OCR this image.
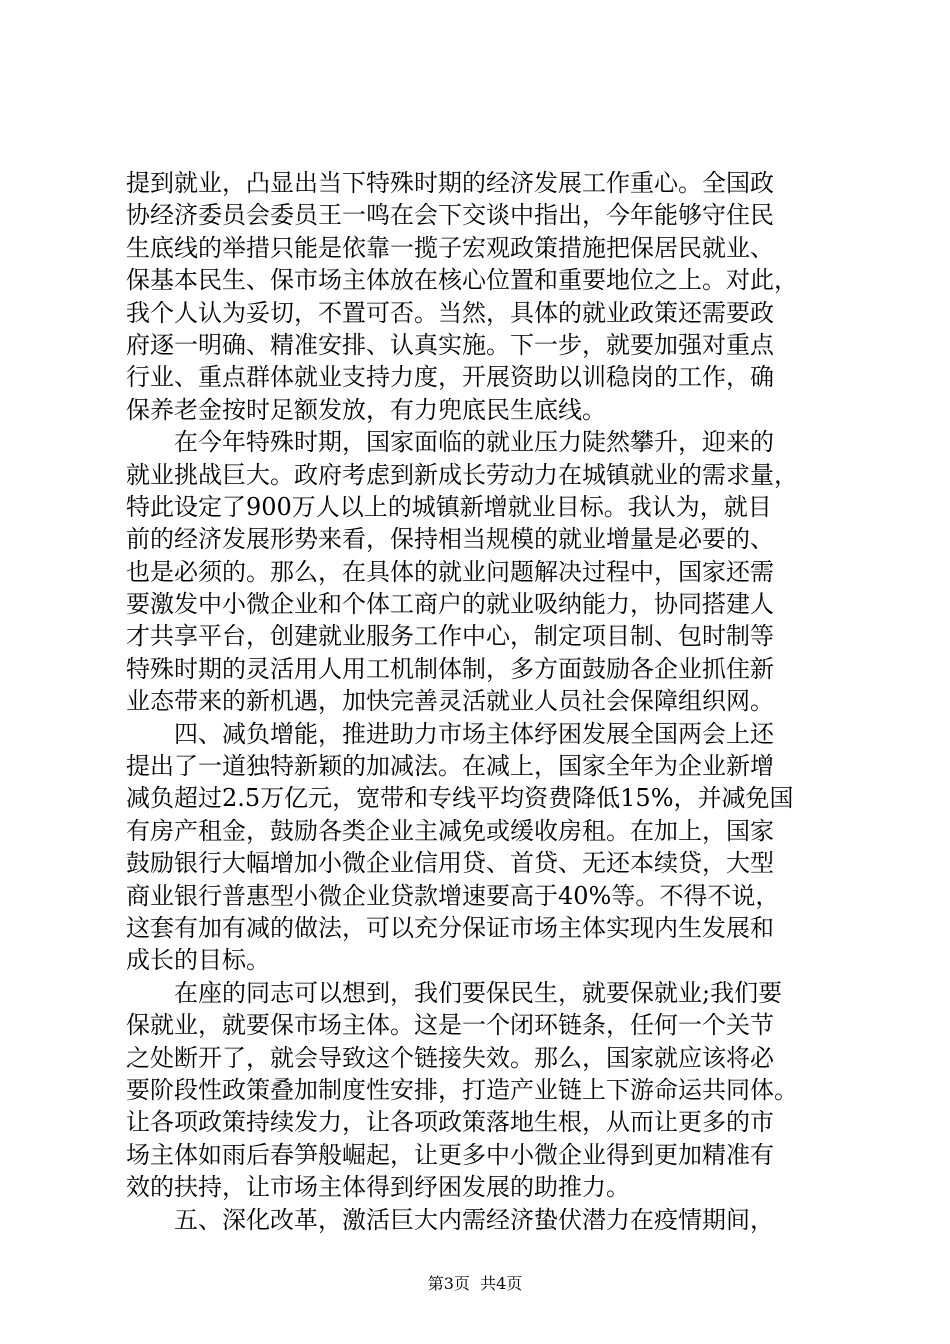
提到就业，凸显出当下特殊时期的经济发展工作重心。全国政
协经济委员会委员王一鸣在会下交谈中指出，今年能够守住民
生底线的举措只能是依靠一揽子宏观政策措施把保居民就业、
保基本民生、保市场主体放在核心位置和重要地位之上。对此，
我个人认为妥切，不置可否。当然，具体的就业政策还需要政
府逐一明确、精准安排、认真实施。下一步，就要加强对重点
行业、重点群体就业支持力度，开展资助以训稳岗的工作，确
保养老金按时足额发放，有力兜底民生底线。
　　在今年特殊时期，国家面临的就业压力陡然攀升，迎来的
就业挑战巨大。政府考虑到新成长劳动力在城镇就业的需求量，
特此设定了900万人以上的城镇新增就业目标。我认为，就目
前的经济发展形势来看，保持相当规模的就业增量是必要的、
也是必须的。那么，在具体的就业问题解决过程中，国家还需
要激发中小微企业和个体工商户的就业吸纳能力，协同搭建人
才共享平台，创建就业服务工作中心，制定项目制、包时制等
特殊时期的灵活用人用工机制体制，多方面鼓励各企业抓住新
业态带来的新机遇，加快完善灵活就业人员社会保障组织网。
　　四、减负增能，推进助力市场主体纾困发展全国两会上还
提出了一道独特新颖的加减法。在减上，国家全年为企业新增
减负超过2.5万亿元，宽带和专线平均资费降低15%，并减免国
有房产租金，鼓励各类企业主减免或缓收房租。在加上，国家
鼓励银行大幅增加小微企业信用贷、首贷、无还本续贷，大型
商业银行普惠型小微企业贷款增速要高于40%等。不得不说，
这套有加有减的做法，可以充分保证市场主体实现内生发展和
成长的目标。
　　在座的同志可以想到，我们要保民生，就要保就业;我们要
保就业，就要保市场主体。这是一个闭环链条，任何一个关节
之处断开了，就会导致这个链接失效。那么，国家就应该将必
要阶段性政策叠加制度性安排，打造产业链上下游命运共同体。
让各项政策持续发力，让各项政策落地生根，从而让更多的市
场主体如雨后春笋般崛起，让更多中小微企业得到更加精准有
效的扶持，让市场主体得到纾困发展的助推力。
　　五、深化改革，激活巨大内需经济蛰伏潜力在疫情期间，
第3页  共4页
